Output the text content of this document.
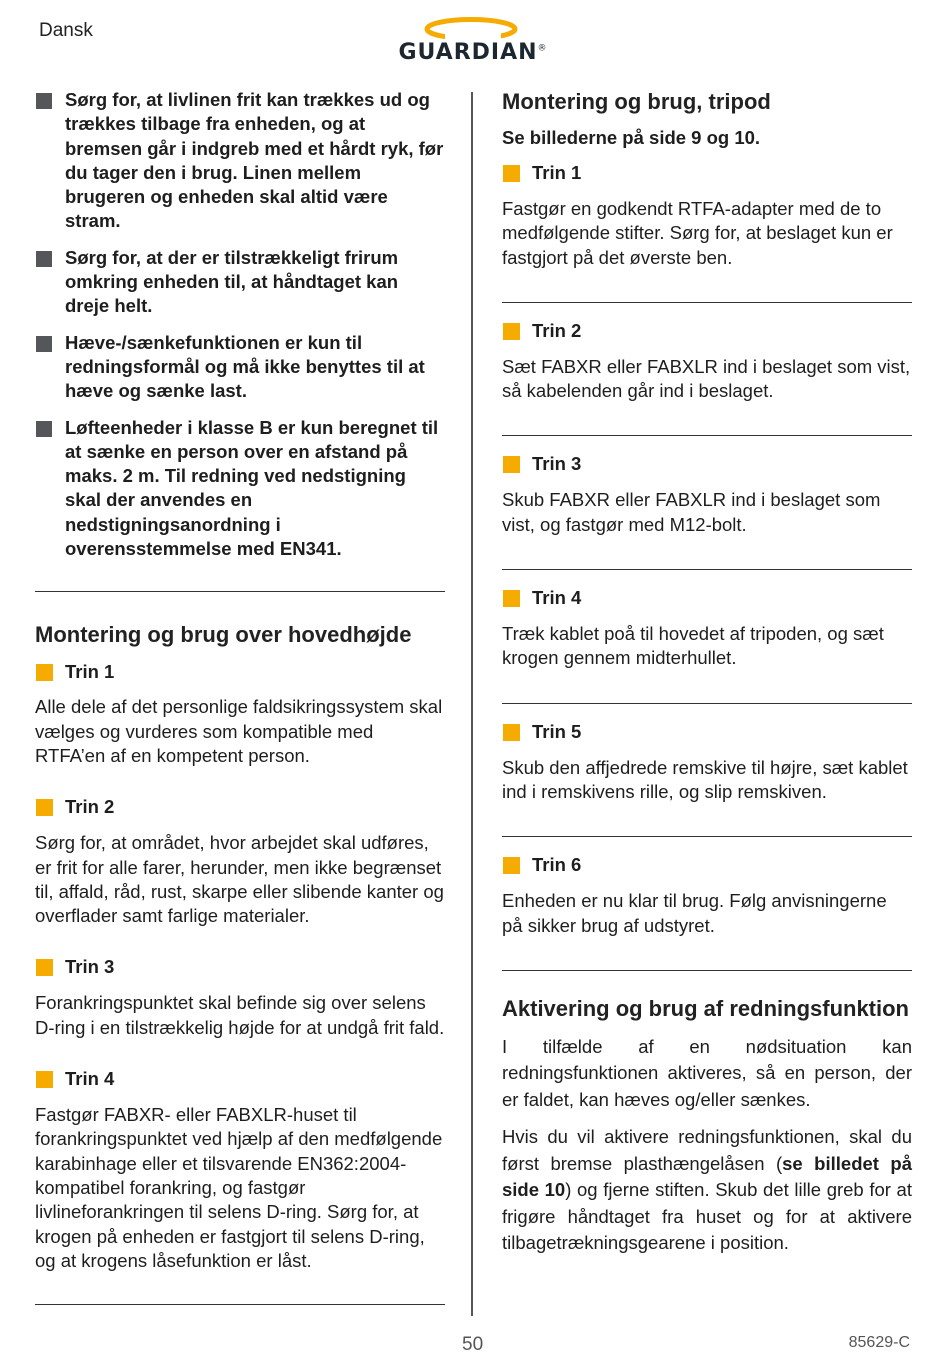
Dansk
GUARDIAN®
Sørg for, at livlinen frit kan trækkes ud og trækkes tilbage fra enheden, og at bremsen går i indgreb med et hårdt ryk, før du tager den i brug. Linen mellem brugeren og enheden skal altid være stram.
Sørg for, at der er tilstrækkeligt frirum omkring enheden til, at håndtaget kan dreje helt.
Hæve-/sænkefunktionen er kun til redningsformål og må ikke benyttes til at hæve og sænke last.
Løfteenheder i klasse B er kun beregnet til at sænke en person over en afstand på maks. 2 m. Til redning ved nedstigning skal der anvendes en nedstigningsanordning i overensstemmelse med EN341.
Montering og brug over hovedhøjde
Trin 1

Alle dele af det personlige faldsikringssystem skal vælges og vurderes som kompatible med RTFA’en af en kompetent person.

Trin 2

Sørg for, at området, hvor arbejdet skal udføres, er frit for alle farer, herunder, men ikke begrænset til, affald, råd, rust, skarpe eller slibende kanter og overflader samt farlige materialer.

Trin 3

Forankringspunktet skal befinde sig over selens D-ring i en tilstrækkelig højde for at undgå frit fald.

Trin 4

Fastgør FABXR- eller FABXLR-huset til forankringspunktet ved hjælp af den medfølgende karabinhage eller et tilsvarende EN362:2004-kompatibel forankring, og fastgør livlineforankringen til selens D-ring. Sørg for, at krogen på enheden er fastgjort til selens D-ring, og at krogens låsefunktion er låst.

Montering og brug, tripod
Se billederne på side 9 og 10.
Trin 1

Fastgør en godkendt RTFA-adapter med de to medfølgende stifter. Sørg for, at beslaget kun er fastgjort på det øverste ben.

Trin 2

Sæt FABXR eller FABXLR ind i beslaget som vist, så kabelenden går ind i beslaget.

Trin 3

Skub FABXR eller FABXLR ind i beslaget som vist, og fastgør med M12-bolt.

Trin 4

Træk kablet poå til hovedet af tripoden, og sæt krogen gennem midterhullet.

Trin 5

Skub den affjedrede remskive til højre, sæt kablet ind i remskivens rille, og slip remskiven.

Trin 6

Enheden er nu klar til brug. Følg anvisningerne på sikker brug af udstyret.

Aktivering og brug af redningsfunktion

I tilfælde af en nødsituation kan redningsfunktionen aktiveres, så en person, der er faldet, kan hæves og/eller sænkes.

Hvis du vil aktivere redningsfunktionen, skal du først bremse plasthængelåsen (se billedet på side 10) og fjerne stiften. Skub det lille greb for at frigøre håndtaget fra huset og for at aktivere tilbagetrækningsgearene i position.

50	85629-C
